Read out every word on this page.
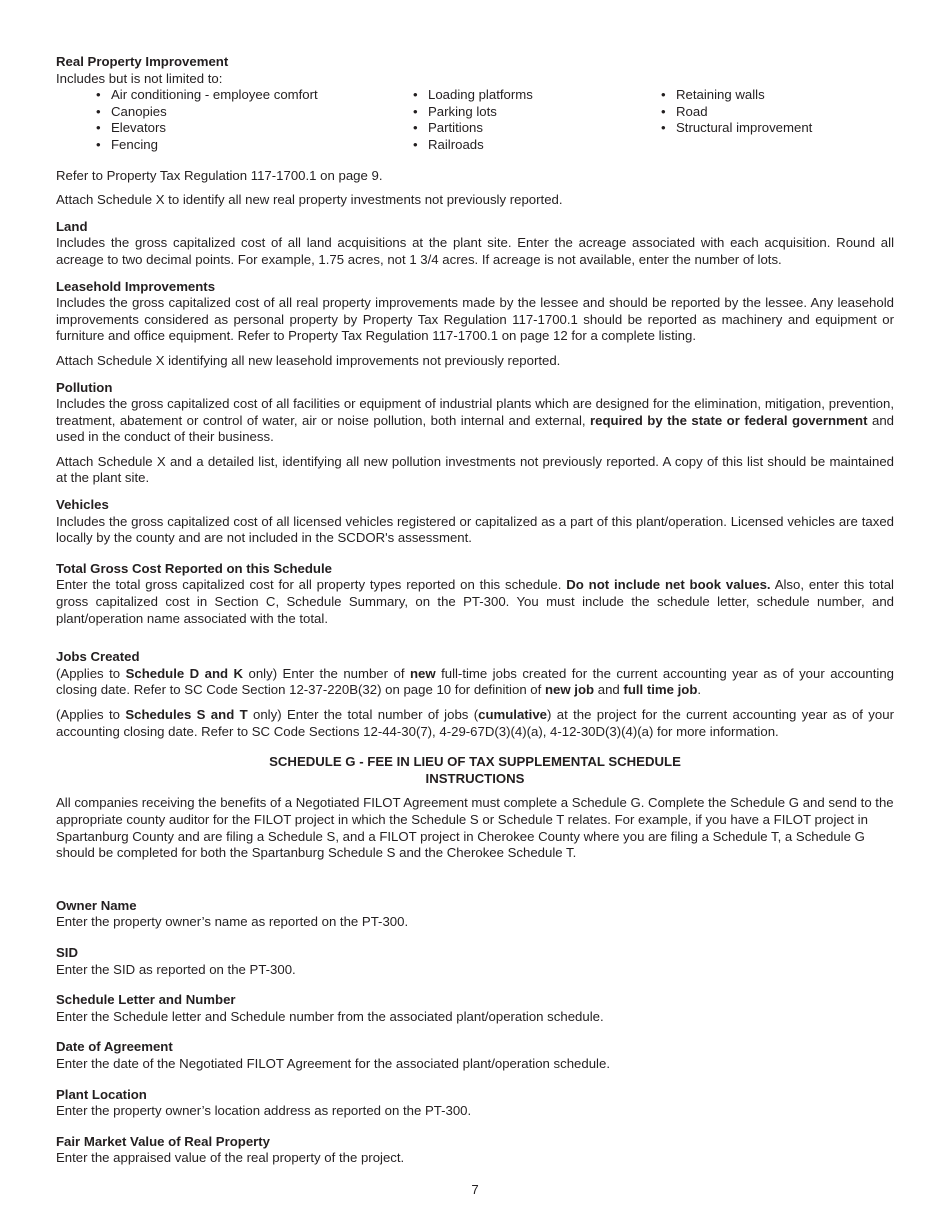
Real Property Improvement

Includes but is not limited to:

• Air conditioning - employee comfort
• Canopies
• Elevators
• Fencing
• Loading platforms
• Parking lots
• Partitions
• Railroads
• Retaining walls
• Road
• Structural improvement

Refer to Property Tax Regulation 117-1700.1 on page 9.

Attach Schedule X to identify all new real property investments not previously reported.

Land

Includes the gross capitalized cost of all land acquisitions at the plant site. Enter the acreage associated with each acquisition. Round all acreage to two decimal points. For example, 1.75 acres, not 1 3/4 acres. If acreage is not available, enter the number of lots.

Leasehold Improvements

Includes the gross capitalized cost of all real property improvements made by the lessee and should be reported by the lessee. Any leasehold improvements considered as personal property by Property Tax Regulation 117-1700.1 should be reported as machinery and equipment or furniture and office equipment. Refer to Property Tax Regulation 117-1700.1 on page 12 for a complete listing.

Attach Schedule X identifying all new leasehold improvements not previously reported.

Pollution

Includes the gross capitalized cost of all facilities or equipment of industrial plants which are designed for the elimination, mitigation, prevention, treatment, abatement or control of water, air or noise pollution, both internal and external, required by the state or federal government and used in the conduct of their business.

Attach Schedule X and a detailed list, identifying all new pollution investments not previously reported. A copy of this list should be maintained at the plant site.

Vehicles

Includes the gross capitalized cost of all licensed vehicles registered or capitalized as a part of this plant/operation. Licensed vehicles are taxed locally by the county and are not included in the SCDOR's assessment.

Total Gross Cost Reported on this Schedule

Enter the total gross capitalized cost for all property types reported on this schedule. Do not include net book values. Also, enter this total gross capitalized cost in Section C, Schedule Summary, on the PT-300. You must include the schedule letter, schedule number, and plant/operation name associated with the total.

Jobs Created

(Applies to Schedule D and K only) Enter the number of new full-time jobs created for the current accounting year as of your accounting closing date. Refer to SC Code Section 12-37-220B(32) on page 10 for definition of new job and full time job.

(Applies to Schedules S and T only) Enter the total number of jobs (cumulative) at the project for the current accounting year as of your accounting closing date. Refer to SC Code Sections 12-44-30(7), 4-29-67D(3)(4)(a), 4-12-30D(3)(4)(a) for more information.

SCHEDULE G - FEE IN LIEU OF TAX SUPPLEMENTAL SCHEDULE

INSTRUCTIONS

All companies receiving the benefits of a Negotiated FILOT Agreement must complete a Schedule G. Complete the Schedule G and send to the appropriate county auditor for the FILOT project in which the Schedule S or Schedule T relates. For example, if you have a FILOT project in Spartanburg County and are filing a Schedule S, and a FILOT project in Cherokee County where you are filing a Schedule T, a Schedule G should be completed for both the Spartanburg Schedule S and the Cherokee Schedule T.

Owner Name

Enter the property owner’s name as reported on the PT-300.

SID

Enter the SID as reported on the PT-300.

Schedule Letter and Number

Enter the Schedule letter and Schedule number from the associated plant/operation schedule.

Date of Agreement

Enter the date of the Negotiated FILOT Agreement for the associated plant/operation schedule.

Plant Location

Enter the property owner’s location address as reported on the PT-300.

Fair Market Value of Real Property

Enter the appraised value of the real property of the project.

7
